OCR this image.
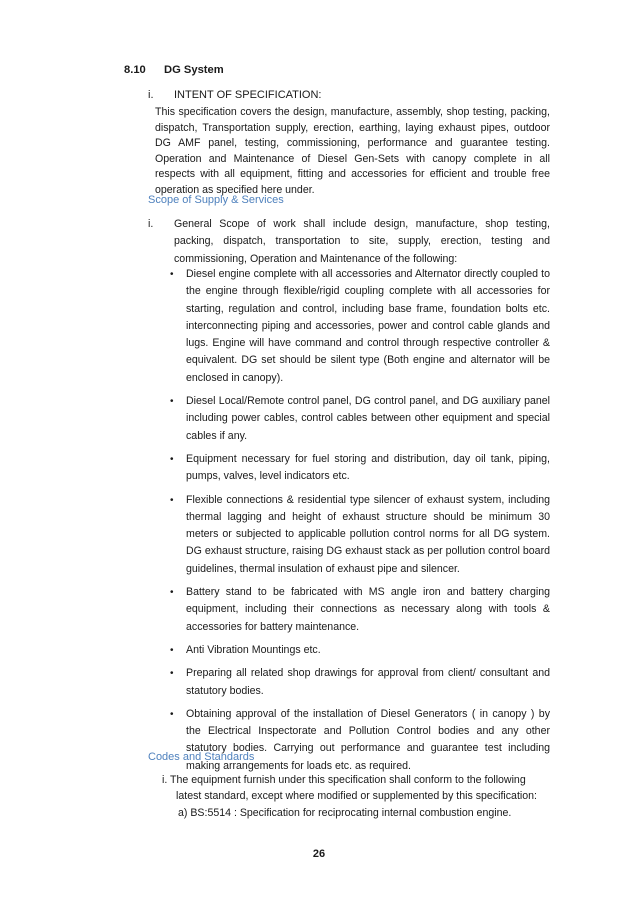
8.10 DG System
i. INTENT OF SPECIFICATION:
This specification covers the design, manufacture, assembly, shop testing, packing, dispatch, Transportation supply, erection, earthing, laying exhaust pipes, outdoor DG AMF panel, testing, commissioning, performance and guarantee testing. Operation and Maintenance of Diesel Gen-Sets with canopy complete in all respects with all equipment, fitting and accessories for efficient and trouble free operation as specified here under.
Scope of Supply & Services
i.	General Scope of work shall include design, manufacture, shop testing, packing, dispatch, transportation to site, supply, erection, testing and commissioning, Operation and Maintenance of the following:
• Diesel engine complete with all accessories and Alternator directly coupled to the engine through flexible/rigid coupling complete with all accessories for starting, regulation and control, including base frame, foundation bolts etc. interconnecting piping and accessories, power and control cable glands and lugs. Engine will have command and control through respective controller & equivalent. DG set should be silent type (Both engine and alternator will be enclosed in canopy).
• Diesel Local/Remote control panel, DG control panel, and DG auxiliary panel including power cables, control cables between other equipment and special cables if any.
• Equipment necessary for fuel storing and distribution, day oil tank, piping, pumps, valves, level indicators etc.
• Flexible connections & residential type silencer of exhaust system, including thermal lagging and height of exhaust structure should be minimum 30 meters or subjected to applicable pollution control norms for all DG system. DG exhaust structure, raising DG exhaust stack as per pollution control board guidelines, thermal insulation of exhaust pipe and silencer.
• Battery stand to be fabricated with MS angle iron and battery charging equipment, including their connections as necessary along with tools & accessories for battery maintenance.
• Anti Vibration Mountings etc.
• Preparing all related shop drawings for approval from client/ consultant and statutory bodies.
• Obtaining approval of the installation of Diesel Generators ( in canopy ) by the Electrical Inspectorate and Pollution Control bodies and any other statutory bodies. Carrying out performance and guarantee test including making arrangements for loads etc. as required.
Codes and Standards
i. The equipment furnish under this specification shall conform to the following
latest standard, except where modified or supplemented by this specification:
a) BS:5514 : Specification for reciprocating internal combustion engine.
26
